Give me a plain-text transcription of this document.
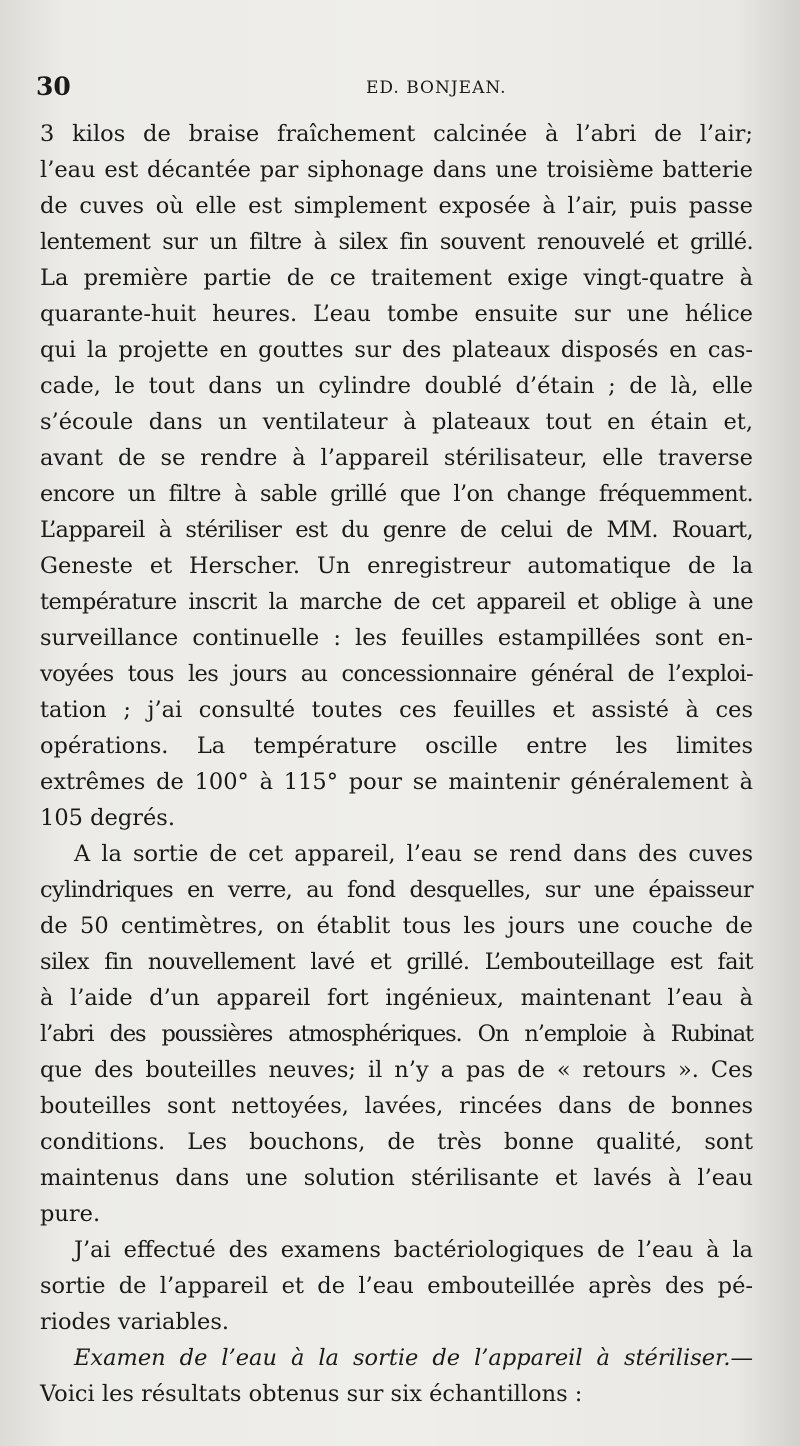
30	ED. BONJEAN.
3 kilos de braise fraîchement calcinée à l’abri de l’air;
l’eau est décantée par siphonage dans une troisième batterie
de cuves où elle est simplement exposée à l’air, puis passe
lentement sur un filtre à silex fin souvent renouvelé et grillé.
La première partie de ce traitement exige vingt-quatre à
quarante-huit heures. L’eau tombe ensuite sur une hélice
qui la projette en gouttes sur des plateaux disposés en cas-
cade, le tout dans un cylindre doublé d’étain ; de là, elle
s’écoule dans un ventilateur à plateaux tout en étain et,
avant de se rendre à l’appareil stérilisateur, elle traverse
encore un filtre à sable grillé que l’on change fréquemment.
L’appareil à stériliser est du genre de celui de MM. Rouart,
Geneste et Herscher. Un enregistreur automatique de la
température inscrit la marche de cet appareil et oblige à une
surveillance continuelle : les feuilles estampillées sont en-
voyées tous les jours au concessionnaire général de l’exploi-
tation ; j’ai consulté toutes ces feuilles et assisté à ces
opérations. La température oscille entre les limites
extrêmes de 100° à 115° pour se maintenir généralement à
105 degrés.
A la sortie de cet appareil, l’eau se rend dans des cuves
cylindriques en verre, au fond desquelles, sur une épaisseur
de 50 centimètres, on établit tous les jours une couche de
silex fin nouvellement lavé et grillé. L’embouteillage est fait
à l’aide d’un appareil fort ingénieux, maintenant l’eau à
l’abri des poussières atmosphériques. On n’emploie à Rubinat
que des bouteilles neuves; il n’y a pas de « retours ». Ces
bouteilles sont nettoyées, lavées, rincées dans de bonnes
conditions. Les bouchons, de très bonne qualité, sont
maintenus dans une solution stérilisante et lavés à l’eau
pure.
J’ai effectué des examens bactériologiques de l’eau à la
sortie de l’appareil et de l’eau embouteillée après des pé-
riodes variables.
Examen de l’eau à la sortie de l’appareil à stériliser.—
Voici les résultats obtenus sur six échantillons :
